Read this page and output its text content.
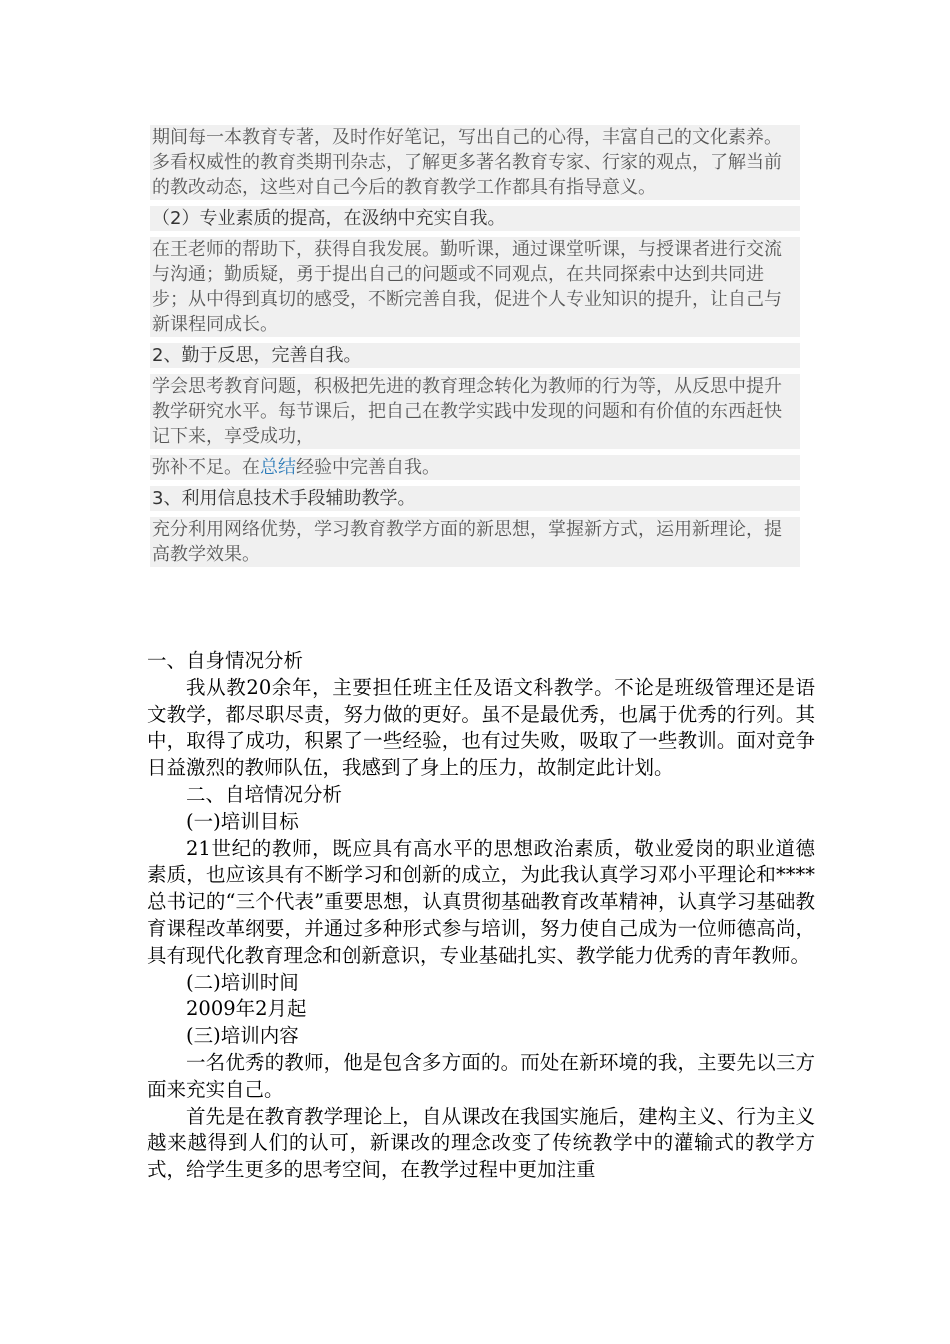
期间每一本教育专著，及时作好笔记，写出自己的心得，丰富自己的文化素养。多看权威性的教育类期刊杂志，了解更多著名教育专家、行家的观点，了解当前的教改动态，这些对自己今后的教育教学工作都具有指导意义。

（2）专业素质的提高，在汲纳中充实自我。

在王老师的帮助下，获得自我发展。勤听课，通过课堂听课，与授课者进行交流与沟通；勤质疑，勇于提出自己的问题或不同观点，在共同探索中达到共同进步；从中得到真切的感受，不断完善自我，促进个人专业知识的提升，让自己与新课程同成长。

2、勤于反思，完善自我。

学会思考教育问题，积极把先进的教育理念转化为教师的行为等，从反思中提升教学研究水平。每节课后，把自己在教学实践中发现的问题和有价值的东西赶快记下来，享受成功，

弥补不足。在总结经验中完善自我。

3、利用信息技术手段辅助教学。

充分利用网络优势，学习教育教学方面的新思想，掌握新方式，运用新理论，提高教学效果。

一、自身情况分析

我从教20余年，主要担任班主任及语文科教学。不论是班级管理还是语文教学，都尽职尽责，努力做的更好。虽不是最优秀，也属于优秀的行列。其中，取得了成功，积累了一些经验，也有过失败，吸取了一些教训。面对竞争日益激烈的教师队伍，我感到了身上的压力，故制定此计划。

二、自培情况分析

(一)培训目标

21世纪的教师，既应具有高水平的思想政治素质，敬业爱岗的职业道德素质，也应该具有不断学习和创新的成立，为此我认真学习邓小平理论和****总书记的“三个代表”重要思想，认真贯彻基础教育改革精神，认真学习基础教育课程改革纲要，并通过多种形式参与培训，努力使自己成为一位师德高尚，具有现代化教育理念和创新意识，专业基础扎实、教学能力优秀的青年教师。

(二)培训时间

2009年2月起

(三)培训内容

一名优秀的教师，他是包含多方面的。而处在新环境的我，主要先以三方面来充实自己。

首先是在教育教学理论上，自从课改在我国实施后，建构主义、行为主义越来越得到人们的认可，新课改的理念改变了传统教学中的灌输式的教学方式，给学生更多的思考空间，在教学过程中更加注重
